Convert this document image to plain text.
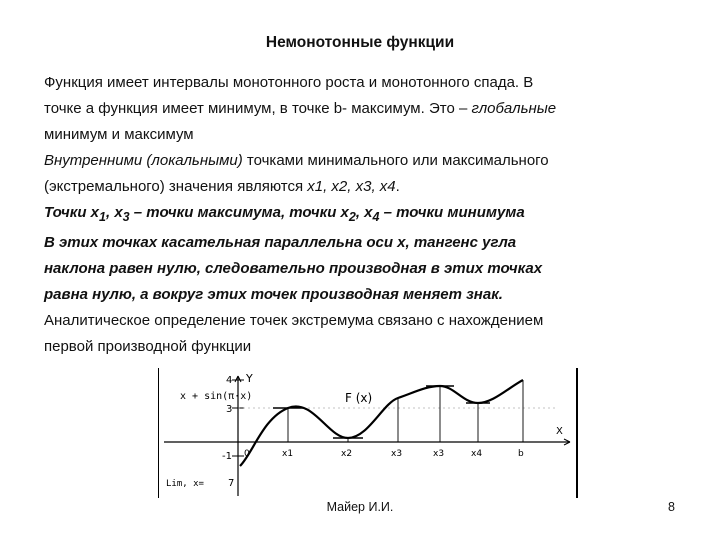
Немонотонные функции
Функция имеет интервалы монотонного роста и монотонного спада. В
точке а функция имеет минимум, в точке b- максимум. Это – глобальные
минимум и максимум
Внутренними (локальными) точками минимального или максимального
(экстремального) значения являются x1, x2, x3, x4.
Точки $x_1$, $x_3$ – точки максимума, точки $x_2$, $x_4$ – точки минимума
В этих точках касательная параллельна оси х, тангенс угла
наклона равен нулю, следовательно производная в этих точках
равна нулю, а вокруг этих точек производная меняет знак.
Аналитическое определение точек экстремума связано с нахождением
первой производной функции
x + sin(π·x)	F (x)
Y
X
4
3
-1 0	x1	x2	x3	x3	x4	b
Lim, x= 7
Майер И.И.	8
